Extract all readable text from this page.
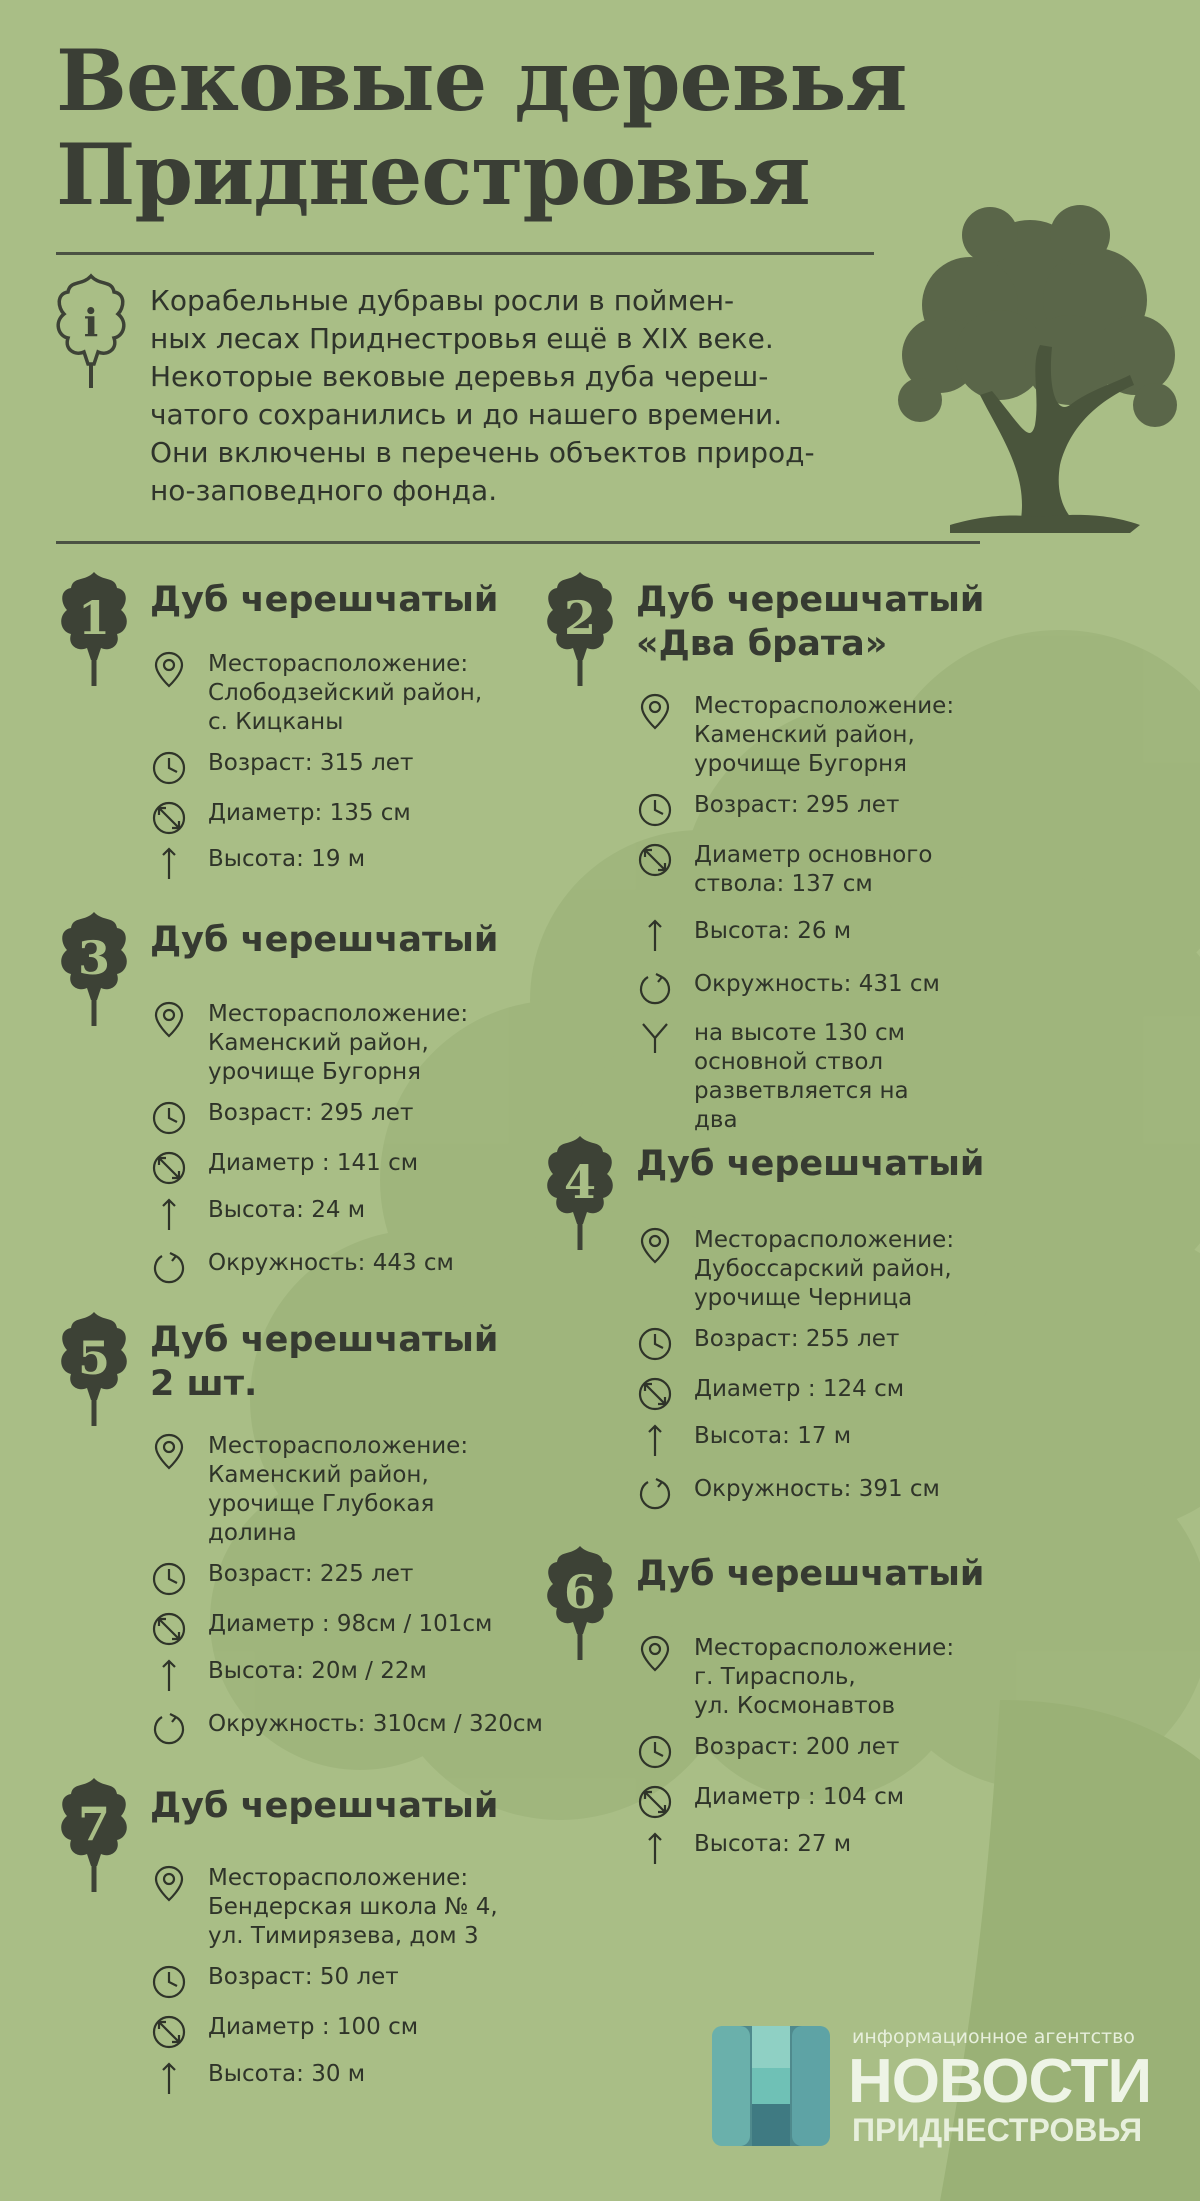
Вековые деревья
Приднестровья
i Корабельные дубравы росли в поймен-
ных лесах Приднестровья ещё в XIX веке.
Некоторые вековые деревья дуба череш-
чатого сохранились и до нашего времени.
Они включены в перечень объектов природ-
но-заповедного фонда.

1 Дуб черешчатый
Месторасположение:
Слободзейский район,
с. Кицканы
Возраст: 315 лет
Диаметр: 135 см
Высота: 19 м
2 Дуб черешчатый
«Два брата»
Месторасположение:
Каменский район,
урочище Бугорня
Возраст: 295 лет
Диаметр основного
ствола: 137 см
Высота: 26 м
Окружность: 431 см
на высоте 130 см
основной ствол
разветвляется на
два
3 Дуб черешчатый
Месторасположение:
Каменский район,
урочище Бугорня
Возраст: 295 лет
Диаметр : 141 см
Высота: 24 м
Окружность: 443 см
4 Дуб черешчатый
Месторасположение:
Дубоссарский район,
урочище Черница
Возраст: 255 лет
Диаметр : 124 см
Высота: 17 м
Окружность: 391 см
5 Дуб черешчатый
2 шт.
Месторасположение:
Каменский район,
урочище Глубокая
долина
Возраст: 225 лет
Диаметр : 98см / 101см
Высота: 20м / 22м
Окружность: 310см / 320см
6 Дуб черешчатый
Месторасположение:
г. Тирасполь,
ул. Космонавтов
Возраст: 200 лет
Диаметр : 104 см
Высота: 27 м
7 Дуб черешчатый
Месторасположение:
Бендерская школа № 4,
ул. Тимирязева, дом 3
Возраст: 50 лет
Диаметр : 100 см
Высота: 30 м

информационное агентство

НОВОСТИ

ПРИДНЕСТРОВЬЯ
